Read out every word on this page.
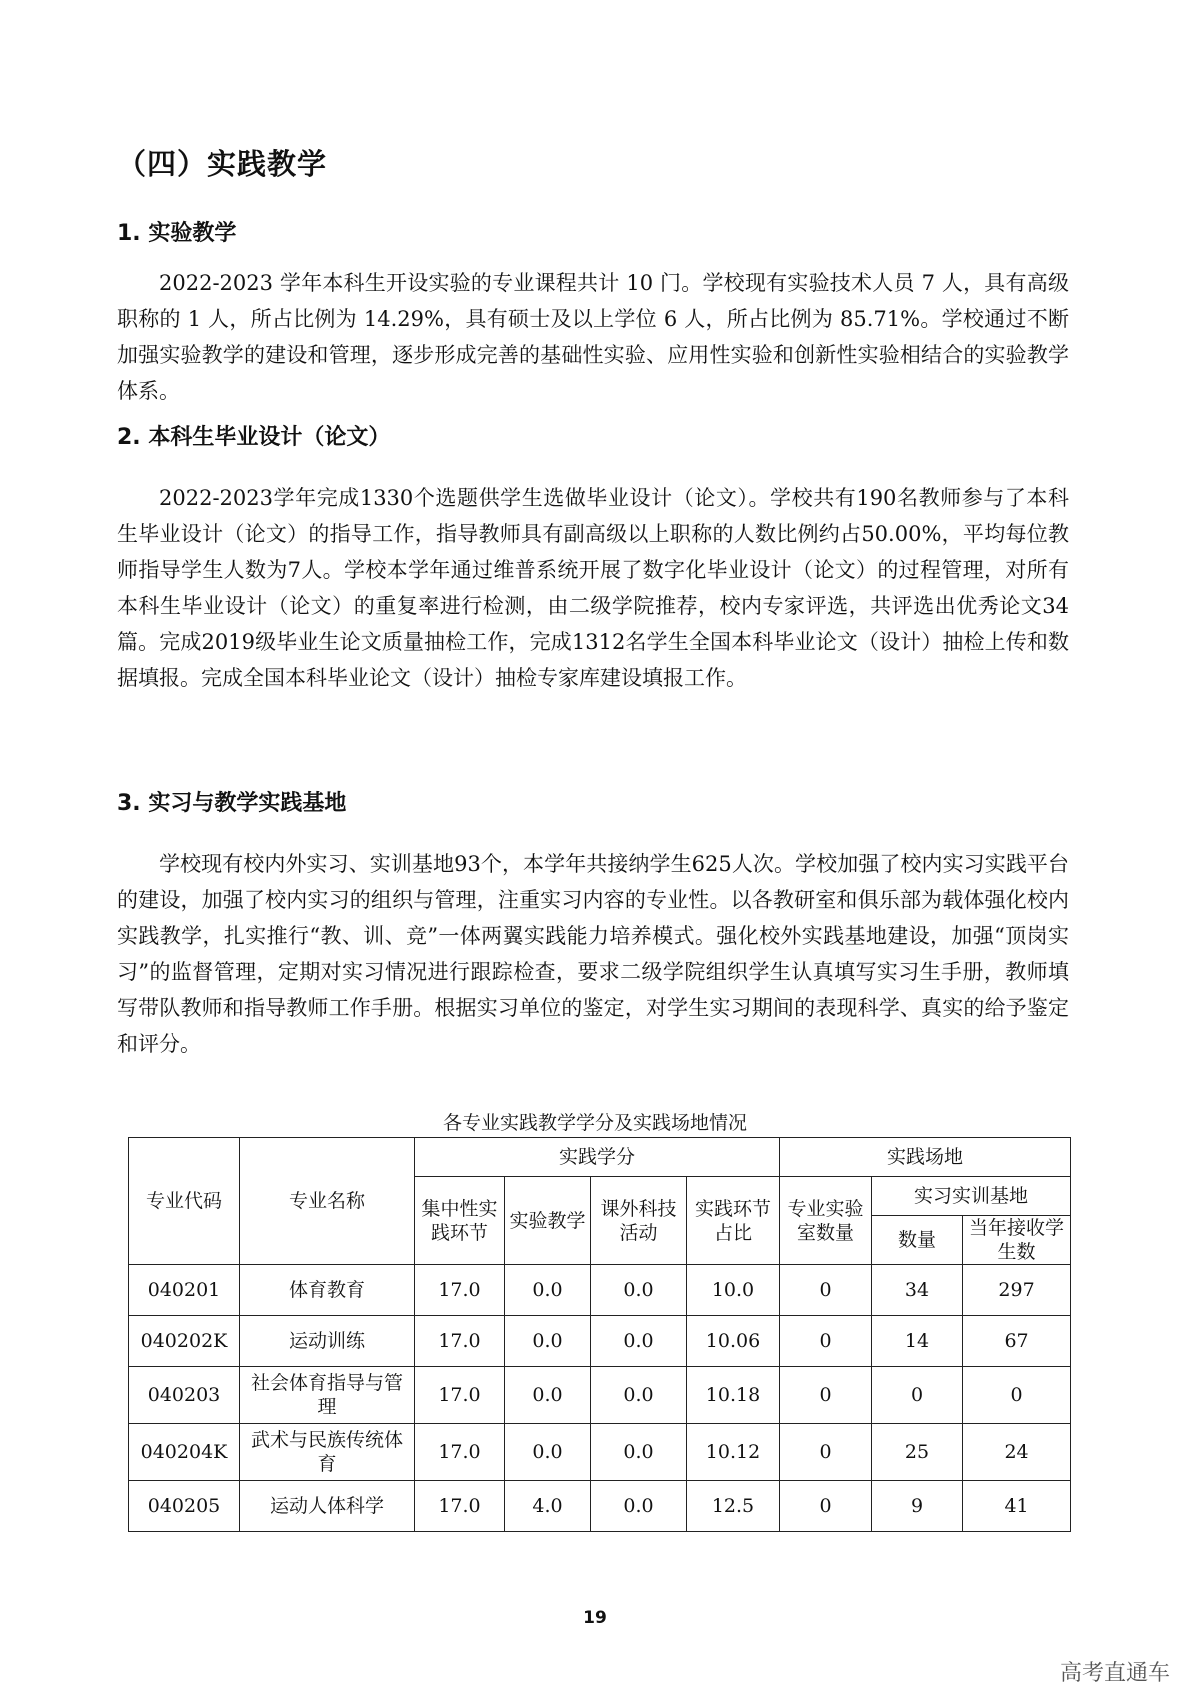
（四）实践教学
1. 实验教学
2022-2023 学年本科生开设实验的专业课程共计 10 门。学校现有实验技术人员 7 人，具有高级职称的 1 人，所占比例为 14.29%，具有硕士及以上学位 6 人，所占比例为 85.71%。学校通过不断加强实验教学的建设和管理，逐步形成完善的基础性实验、应用性实验和创新性实验相结合的实验教学体系。
2. 本科生毕业设计（论文）
2022-2023学年完成1330个选题供学生选做毕业设计（论文）。学校共有190名教师参与了本科生毕业设计（论文）的指导工作，指导教师具有副高级以上职称的人数比例约占50.00%，平均每位教师指导学生人数为7人。学校本学年通过维普系统开展了数字化毕业设计（论文）的过程管理，对所有本科生毕业设计（论文）的重复率进行检测，由二级学院推荐，校内专家评选，共评选出优秀论文34篇。完成2019级毕业生论文质量抽检工作，完成1312名学生全国本科毕业论文（设计）抽检上传和数据填报。完成全国本科毕业论文（设计）抽检专家库建设填报工作。
3. 实习与教学实践基地
学校现有校内外实习、实训基地93个，本学年共接纳学生625人次。学校加强了校内实习实践平台的建设，加强了校内实习的组织与管理，注重实习内容的专业性。以各教研室和俱乐部为载体强化校内实践教学，扎实推行“教、训、竞”一体两翼实践能力培养模式。强化校外实践基地建设，加强“顶岗实习”的监督管理，定期对实习情况进行跟踪检查，要求二级学院组织学生认真填写实习生手册，教师填写带队教师和指导教师工作手册。根据实习单位的鉴定，对学生实习期间的表现科学、真实的给予鉴定和评分。
各专业实践教学学分及实践场地情况
专业代码	专业名称	实践学分				实践场地		
		集中性实践环节	实验教学	课外科技活动	实践环节占比	专业实验室数量	实习实训基地	
							数量	当年接收学生数
040201	体育教育	17.0	0.0	0.0	10.0	0	34	297
040202K	运动训练	17.0	0.0	0.0	10.06	0	14	67
040203	社会体育指导与管理	17.0	0.0	0.0	10.18	0	0	0
040204K	武术与民族传统体育	17.0	0.0	0.0	10.12	0	25	24
040205	运动人体科学	17.0	4.0	0.0	12.5	0	9	41
19
高考直通车
